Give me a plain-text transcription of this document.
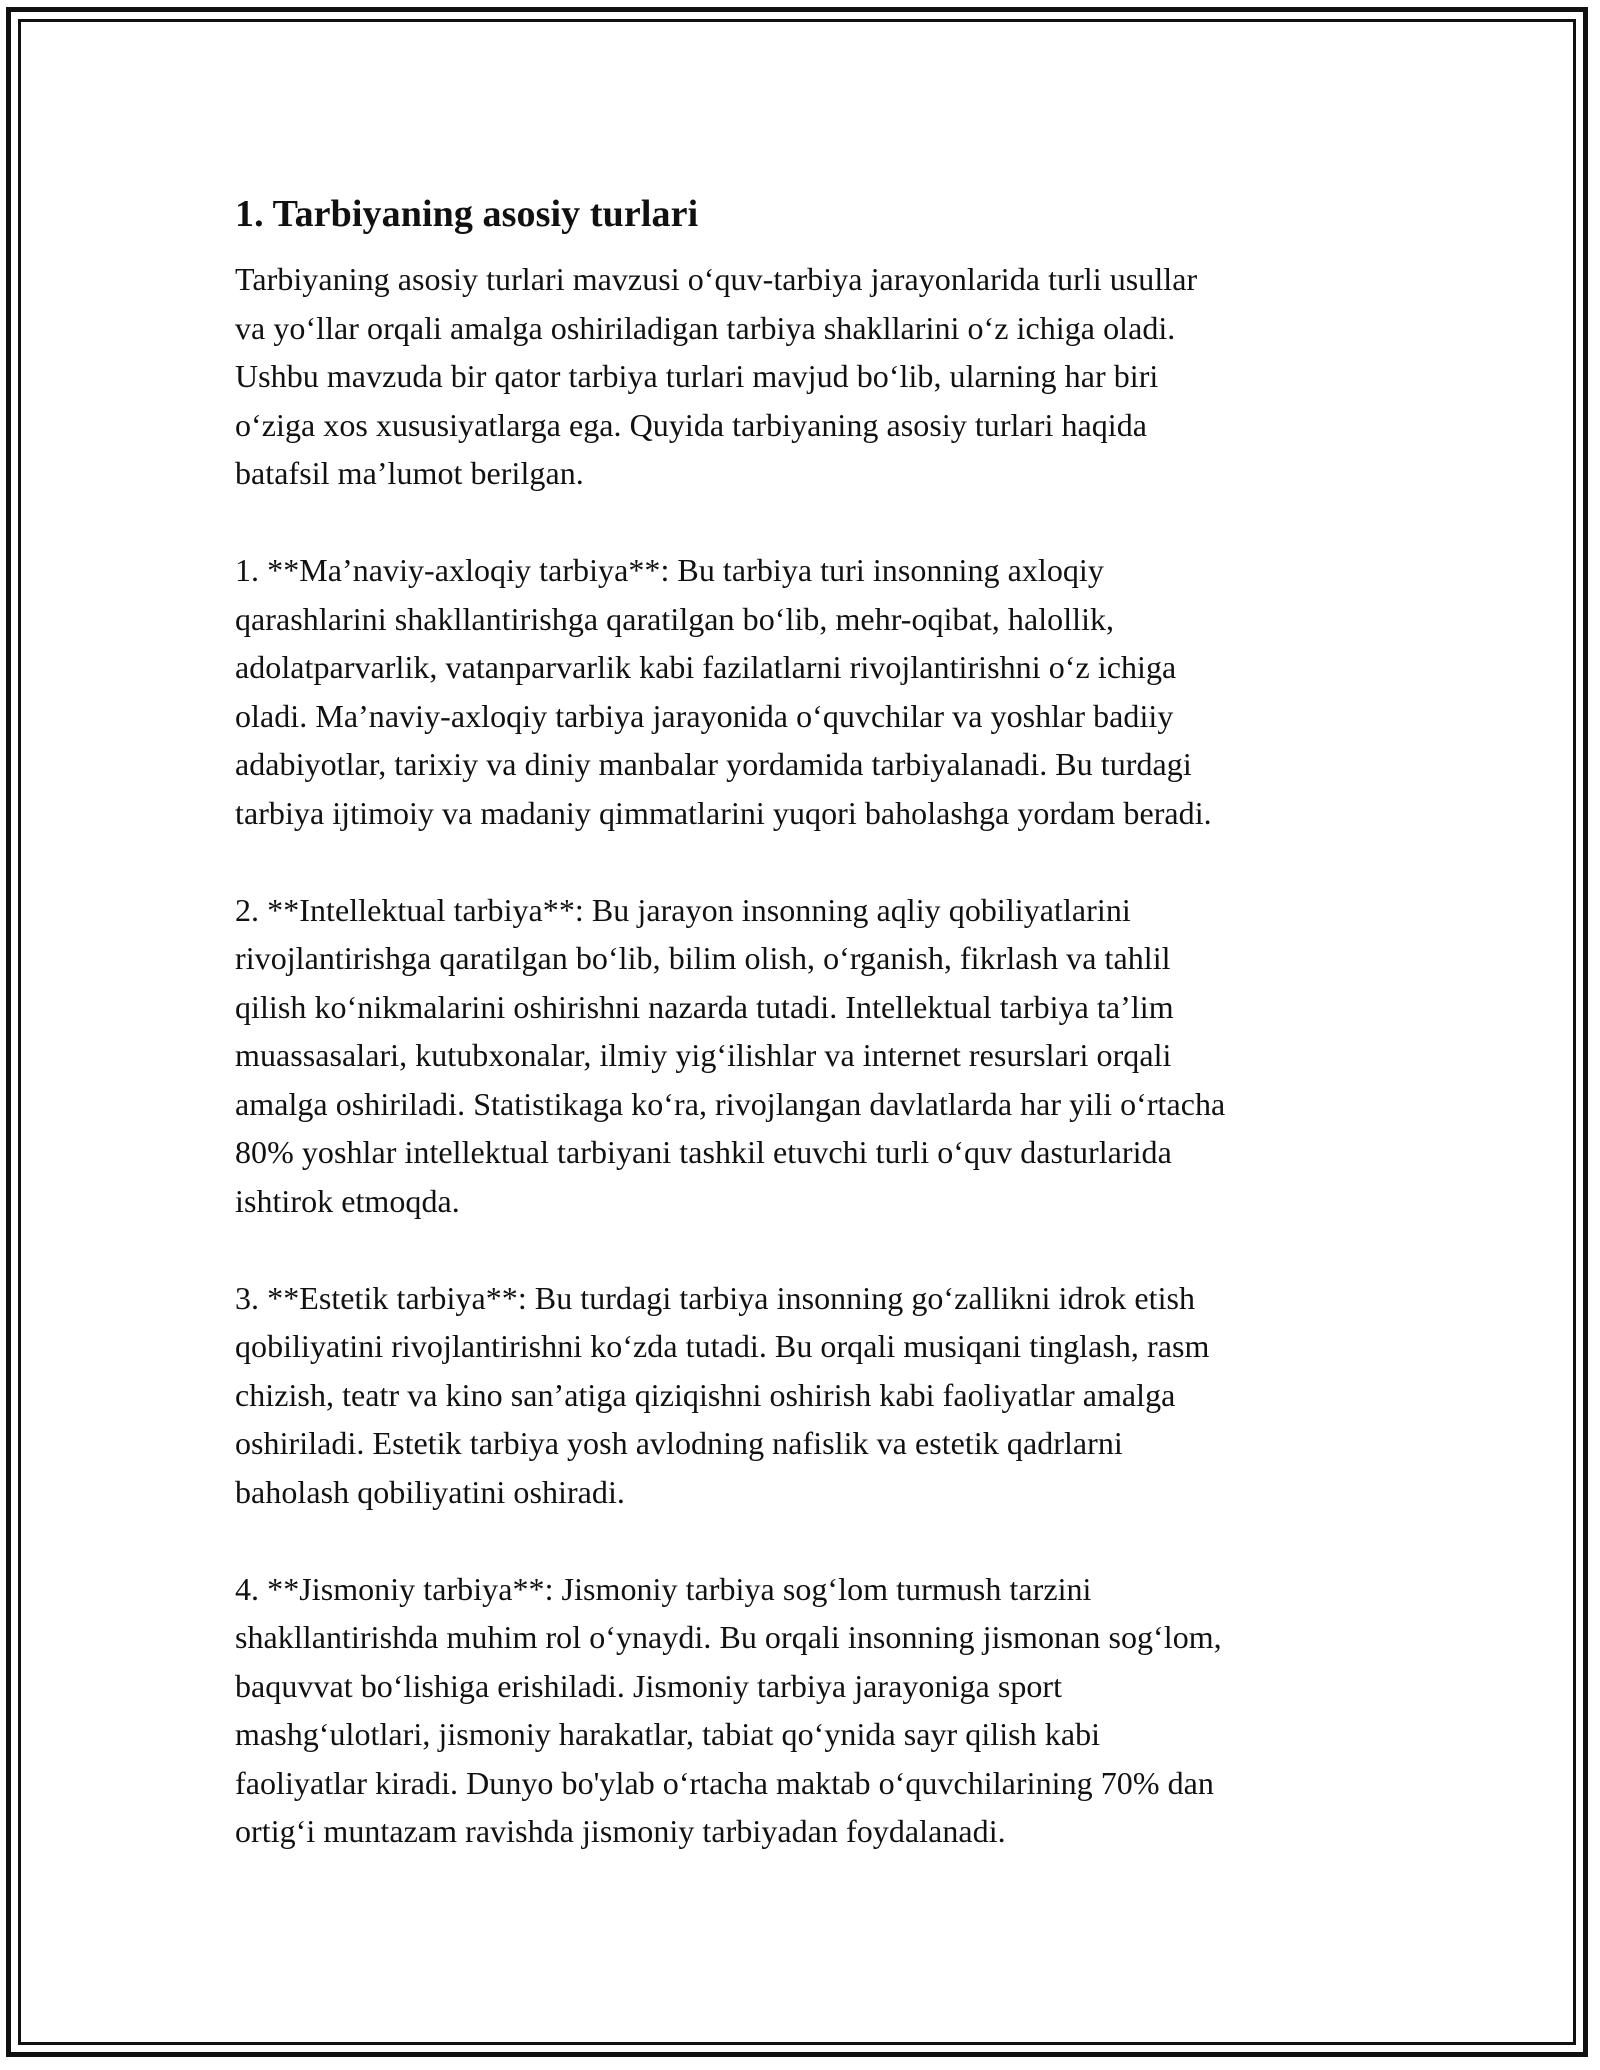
1. Tarbiyaning asosiy turlari

Tarbiyaning asosiy turlari mavzusi o‘quv-tarbiya jarayonlarida turli usullar
va yo‘llar orqali amalga oshiriladigan tarbiya shakllarini o‘z ichiga oladi.
Ushbu mavzuda bir qator tarbiya turlari mavjud bo‘lib, ularning har biri
o‘ziga xos xususiyatlarga ega. Quyida tarbiyaning asosiy turlari haqida
batafsil ma’lumot berilgan.

1. **Ma’naviy-axloqiy tarbiya**: Bu tarbiya turi insonning axloqiy
qarashlarini shakllantirishga qaratilgan bo‘lib, mehr-oqibat, halollik,
adolatparvarlik, vatanparvarlik kabi fazilatlarni rivojlantirishni o‘z ichiga
oladi. Ma’naviy-axloqiy tarbiya jarayonida o‘quvchilar va yoshlar badiiy
adabiyotlar, tarixiy va diniy manbalar yordamida tarbiyalanadi. Bu turdagi
tarbiya ijtimoiy va madaniy qimmatlarini yuqori baholashga yordam beradi.

2. **Intellektual tarbiya**: Bu jarayon insonning aqliy qobiliyatlarini
rivojlantirishga qaratilgan bo‘lib, bilim olish, o‘rganish, fikrlash va tahlil
qilish ko‘nikmalarini oshirishni nazarda tutadi. Intellektual tarbiya ta’lim
muassasalari, kutubxonalar, ilmiy yig‘ilishlar va internet resurslari orqali
amalga oshiriladi. Statistikaga ko‘ra, rivojlangan davlatlarda har yili o‘rtacha
80% yoshlar intellektual tarbiyani tashkil etuvchi turli o‘quv dasturlarida
ishtirok etmoqda.

3. **Estetik tarbiya**: Bu turdagi tarbiya insonning go‘zallikni idrok etish
qobiliyatini rivojlantirishni ko‘zda tutadi. Bu orqali musiqani tinglash, rasm
chizish, teatr va kino san’atiga qiziqishni oshirish kabi faoliyatlar amalga
oshiriladi. Estetik tarbiya yosh avlodning nafislik va estetik qadrlarni
baholash qobiliyatini oshiradi.

4. **Jismoniy tarbiya**: Jismoniy tarbiya sog‘lom turmush tarzini
shakllantirishda muhim rol o‘ynaydi. Bu orqali insonning jismonan sog‘lom,
baquvvat bo‘lishiga erishiladi. Jismoniy tarbiya jarayoniga sport
mashg‘ulotlari, jismoniy harakatlar, tabiat qo‘ynida sayr qilish kabi
faoliyatlar kiradi. Dunyo bo'ylab o‘rtacha maktab o‘quvchilarining 70% dan
ortig‘i muntazam ravishda jismoniy tarbiyadan foydalanadi.
